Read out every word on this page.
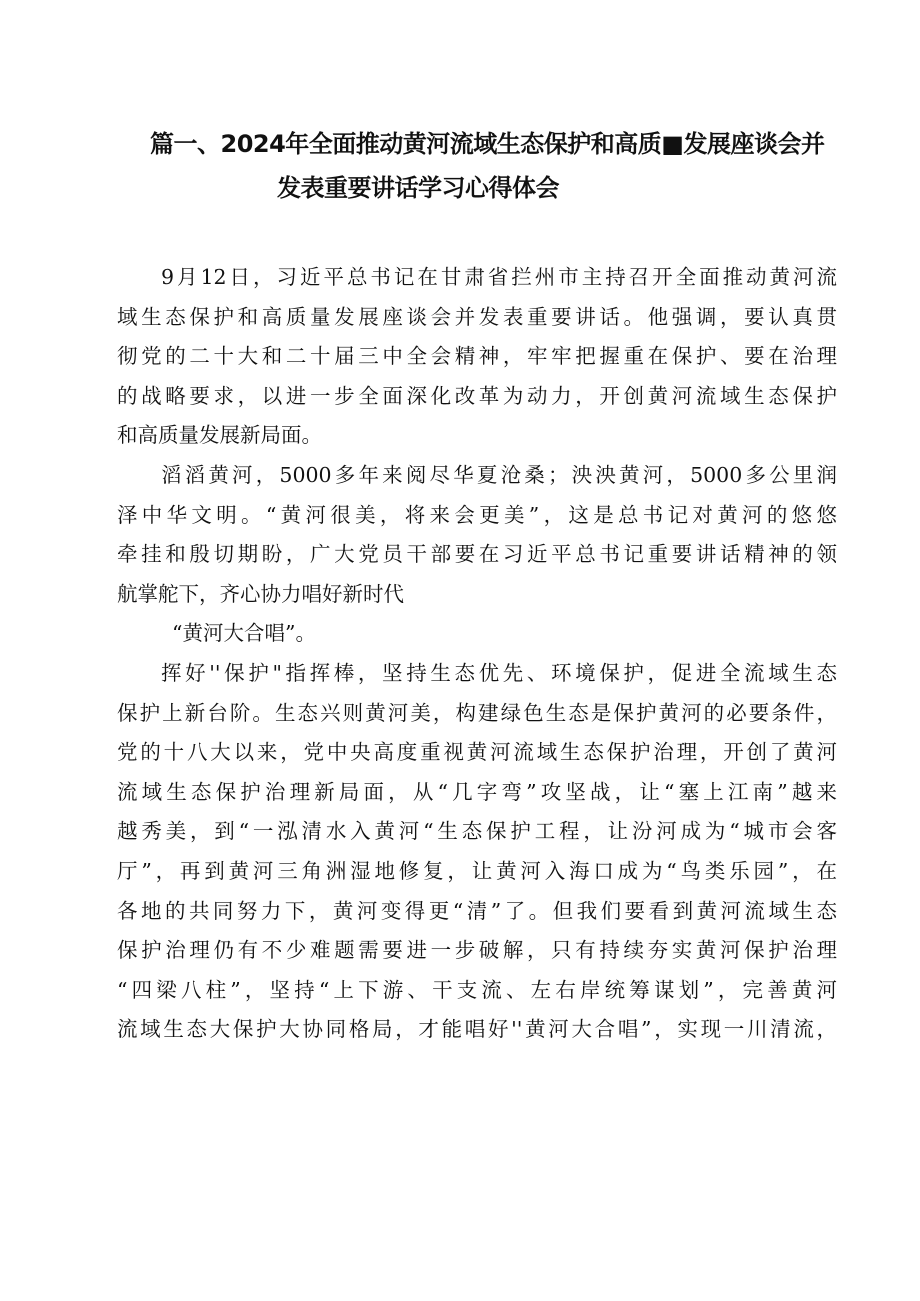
篇一、2024年全面推动黄河流域生态保护和高质■发展座谈会并
发表重要讲话学习心得体会
9月12日，习近平总书记在甘肃省拦州市主持召开全面推动黄河流
域生态保护和高质量发展座谈会并发表重要讲话。他强调，要认真贯
彻党的二十大和二十届三中全会精神，牢牢把握重在保护、要在治理
的战略要求，以进一步全面深化改革为动力，开创黄河流域生态保护
和高质量发展新局面。
滔滔黄河，5000多年来阅尽华夏沧桑；泱泱黄河，5000多公里润
泽中华文明。“黄河很美，将来会更美”，这是总书记对黄河的悠悠
牵挂和殷切期盼，广大党员干部要在习近平总书记重要讲话精神的领
航掌舵下，齐心协力唱好新时代
“黄河大合唱”。
挥好''保护"指挥棒，坚持生态优先、环境保护，促进全流域生态
保护上新台阶。生态兴则黄河美，构建绿色生态是保护黄河的必要条件，
党的十八大以来，党中央高度重视黄河流域生态保护治理，开创了黄河
流域生态保护治理新局面，从“几字弯”攻坚战，让“塞上江南”越来
越秀美，到“一泓清水入黄河“生态保护工程，让汾河成为“城市会客
厅”，再到黄河三角洲湿地修复，让黄河入海口成为“鸟类乐园”，在
各地的共同努力下，黄河变得更“清”了。但我们要看到黄河流域生态
保护治理仍有不少难题需要进一步破解，只有持续夯实黄河保护治理
“四梁八柱”，坚持“上下游、干支流、左右岸统筹谋划”，完善黄河
流域生态大保护大协同格局，才能唱好''黄河大合唱”，实现一川清流，
